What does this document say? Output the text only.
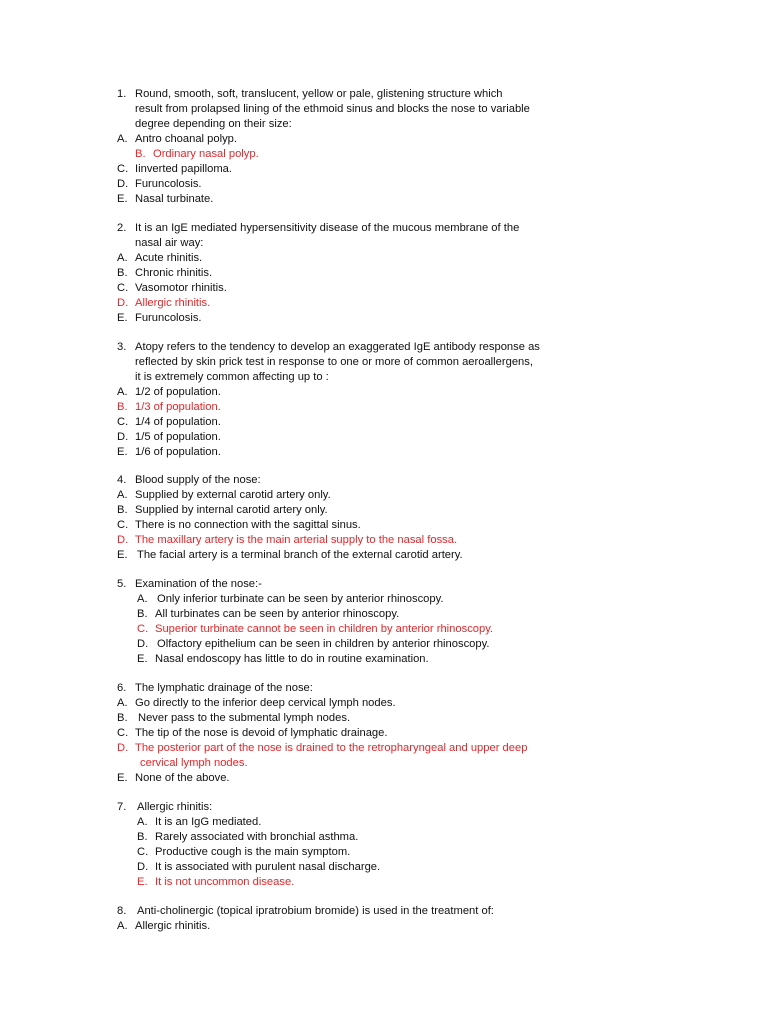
1. Round, smooth, soft, translucent, yellow or pale, glistening structure which
result from prolapsed lining of the ethmoid sinus and blocks the nose to variable
degree depending on their size:
A. Antro choanal polyp.
B. Ordinary nasal polyp.
C. Iinverted papilloma.
D. Furuncolosis.
E. Nasal turbinate.
2. It is an IgE mediated hypersensitivity disease of the mucous membrane of the
nasal air way:
A. Acute rhinitis.
B. Chronic rhinitis.
C. Vasomotor rhinitis.
D. Allergic rhinitis.
E. Furuncolosis.
3. Atopy refers to the tendency to develop an exaggerated IgE antibody response as
reflected by skin prick test in response to one or more of common aeroallergens,
it is extremely common affecting up to :
A. 1/2 of population.
B. 1/3 of population.
C. 1/4 of population.
D. 1/5 of population.
E. 1/6 of population.
4. Blood supply of the nose:
A. Supplied by external carotid artery only.
B. Supplied by internal carotid artery only.
C. There is no connection with the sagittal sinus.
D. The maxillary artery is the main arterial supply to the nasal fossa.
E. The facial artery is a terminal branch of the external carotid artery.
5. Examination of the nose:-
A. Only inferior turbinate can be seen by anterior rhinoscopy.
B. All turbinates can be seen by anterior rhinoscopy.
C. Superior turbinate cannot be seen in children by anterior rhinoscopy.
D. Olfactory epithelium can be seen in children by anterior rhinoscopy.
E. Nasal endoscopy has little to do in routine examination.
6. The lymphatic drainage of the nose:
A. Go directly to the inferior deep cervical lymph nodes.
B. Never pass to the submental lymph nodes.
C. The tip of the nose is devoid of lymphatic drainage.
D. The posterior part of the nose is drained to the retropharyngeal and upper deep
cervical lymph nodes.
E. None of the above.
7. Allergic rhinitis:
A. It is an IgG mediated.
B. Rarely associated with bronchial asthma.
C. Productive cough is the main symptom.
D. It is associated with purulent nasal discharge.
E. It is not uncommon disease.
8. Anti-cholinergic (topical ipratrobium bromide) is used in the treatment of:
A. Allergic rhinitis.
